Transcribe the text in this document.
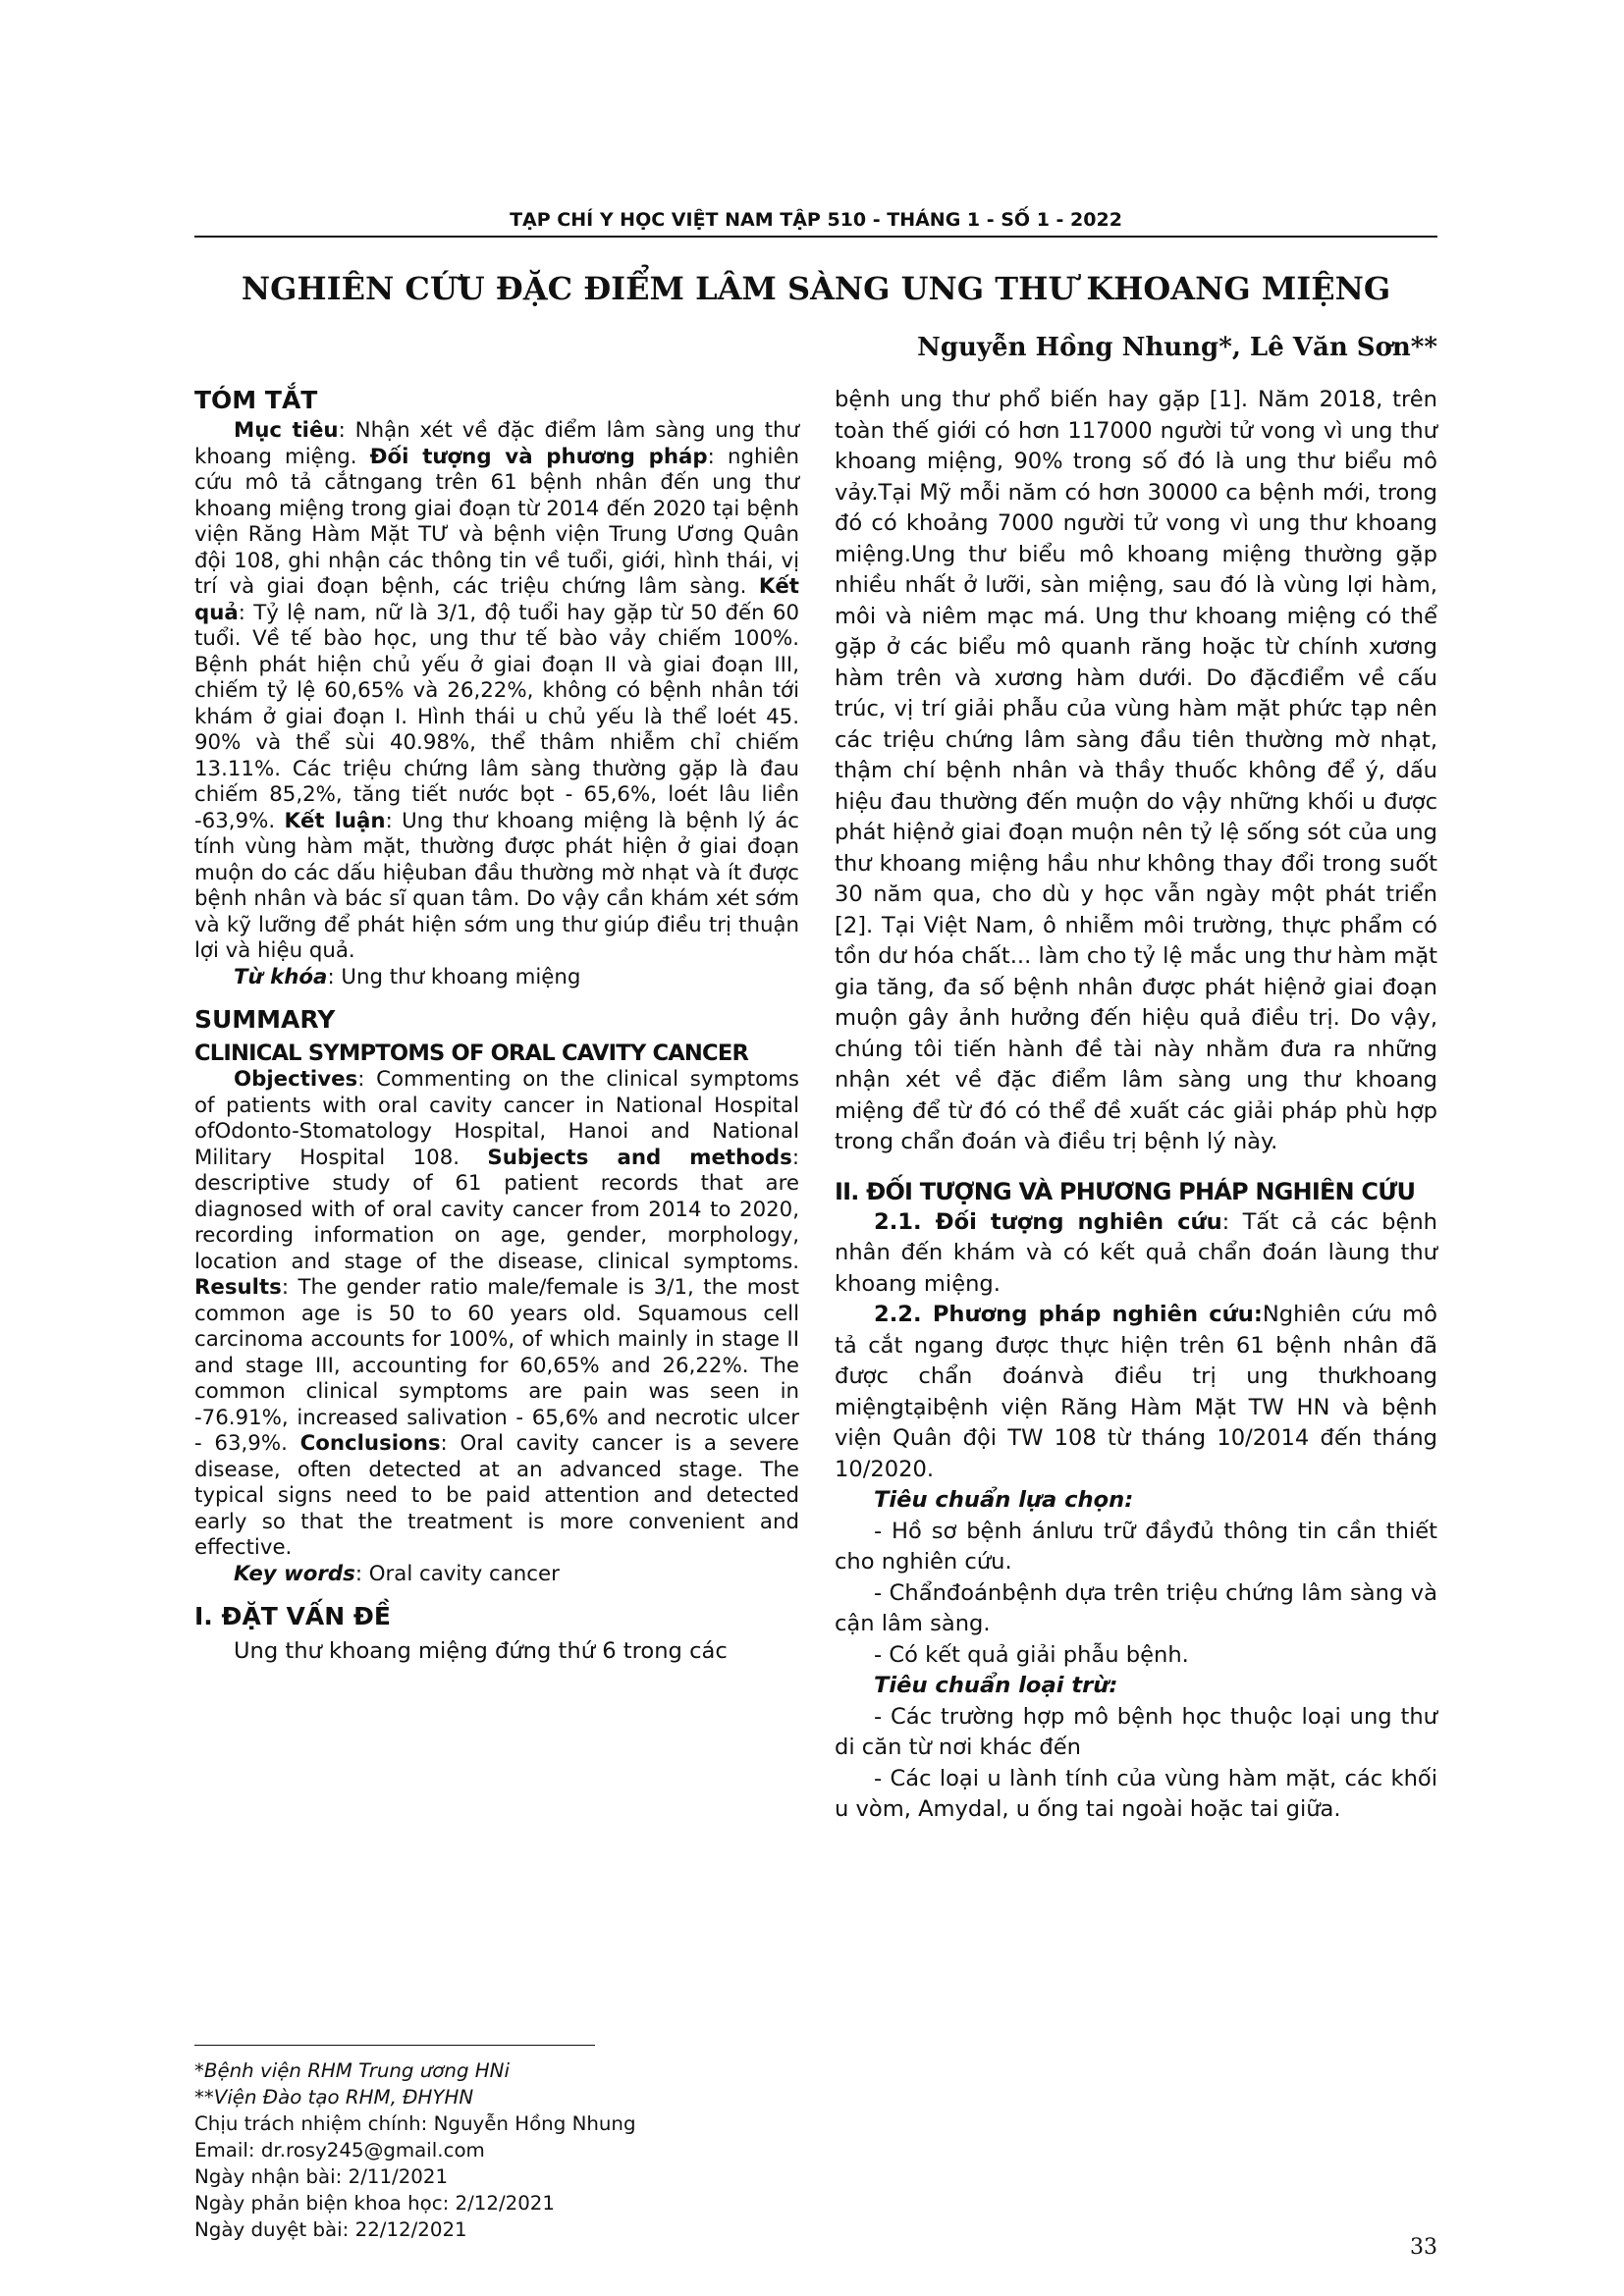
TẠP CHÍ Y HỌC VIỆT NAM TẬP 510 - THÁNG 1 - SỐ 1 - 2022
NGHIÊN CỨU ĐẶC ĐIỂM LÂM SÀNG UNG THƯ KHOANG MIỆNG
Nguyễn Hồng Nhung*, Lê Văn Sơn**
TÓM TẮT

Mục tiêu: Nhận xét về đặc điểm lâm sàng ung thư khoang miệng. Đối tượng và phương pháp: nghiên cứu mô tả cắtngang trên 61 bệnh nhân đến ung thư khoang miệng trong giai đoạn từ 2014 đến 2020 tại bệnh viện Răng Hàm Mặt TƯ và bệnh viện Trung Ương Quân đội 108, ghi nhận các thông tin về tuổi, giới, hình thái, vị trí và giai đoạn bệnh, các triệu chứng lâm sàng. Kết quả: Tỷ lệ nam, nữ là 3/1, độ tuổi hay gặp từ 50 đến 60 tuổi. Về tế bào học, ung thư tế bào vảy chiếm 100%. Bệnh phát hiện chủ yếu ở giai đoạn II và giai đoạn III, chiếm tỷ lệ 60,65% và 26,22%, không có bệnh nhân tới khám ở giai đoạn I. Hình thái u chủ yếu là thể loét 45. 90% và thể sùi 40.98%, thể thâm nhiễm chỉ chiếm 13.11%. Các triệu chứng lâm sàng thường gặp là đau chiếm 85,2%, tăng tiết nước bọt - 65,6%, loét lâu liền -63,9%. Kết luận: Ung thư khoang miệng là bệnh lý ác tính vùng hàm mặt, thường được phát hiện ở giai đoạn muộn do các dấu hiệuban đầu thường mờ nhạt và ít được bệnh nhân và bác sĩ quan tâm. Do vậy cần khám xét sớm và kỹ lưỡng để phát hiện sớm ung thư giúp điều trị thuận lợi và hiệu quả.

Từ khóa: Ung thư khoang miệng

SUMMARY
CLINICAL SYMPTOMS OF ORAL CAVITY CANCER

Objectives: Commenting on the clinical symptoms of patients with oral cavity cancer in National Hospital ofOdonto-Stomatology Hospital, Hanoi and National Military Hospital 108. Subjects and methods: descriptive study of 61 patient records that are diagnosed with of oral cavity cancer from 2014 to 2020, recording information on age, gender, morphology, location and stage of the disease, clinical symptoms. Results: The gender ratio male/female is 3/1, the most common age is 50 to 60 years old. Squamous cell carcinoma accounts for 100%, of which mainly in stage II and stage III, accounting for 60,65% and 26,22%. The common clinical symptoms are pain was seen in -76.91%, increased salivation - 65,6% and necrotic ulcer - 63,9%. Conclusions: Oral cavity cancer is a severe disease, often detected at an advanced stage. The typical signs need to be paid attention and detected early so that the treatment is more convenient and effective.

Key words: Oral cavity cancer

I. ĐẶT VẤN ĐỀ

Ung thư khoang miệng đứng thứ 6 trong các

bệnh ung thư phổ biến hay gặp [1]. Năm 2018, trên toàn thế giới có hơn 117000 người tử vong vì ung thư khoang miệng, 90% trong số đó là ung thư biểu mô vảy.Tại Mỹ mỗi năm có hơn 30000 ca bệnh mới, trong đó có khoảng 7000 người tử vong vì ung thư khoang miệng.Ung thư biểu mô khoang miệng thường gặp nhiều nhất ở lưỡi, sàn miệng, sau đó là vùng lợi hàm, môi và niêm mạc má. Ung thư khoang miệng có thể gặp ở các biểu mô quanh răng hoặc từ chính xương hàm trên và xương hàm dưới. Do đặcđiểm về cấu trúc, vị trí giải phẫu của vùng hàm mặt phức tạp nên các triệu chứng lâm sàng đầu tiên thường mờ nhạt, thậm chí bệnh nhân và thầy thuốc không để ý, dấu hiệu đau thường đến muộn do vậy những khối u được phát hiệnở giai đoạn muộn nên tỷ lệ sống sót của ung thư khoang miệng hầu như không thay đổi trong suốt 30 năm qua, cho dù y học vẫn ngày một phát triển [2]. Tại Việt Nam, ô nhiễm môi trường, thực phẩm có tồn dư hóa chất... làm cho tỷ lệ mắc ung thư hàm mặt gia tăng, đa số bệnh nhân được phát hiệnở giai đoạn muộn gây ảnh hưởng đến hiệu quả điều trị. Do vậy, chúng tôi tiến hành đề tài này nhằm đưa ra những nhận xét về đặc điểm lâm sàng ung thư khoang miệng để từ đó có thể đề xuất các giải pháp phù hợp trong chẩn đoán và điều trị bệnh lý này.

II. ĐỐI TƯỢNG VÀ PHƯƠNG PHÁP NGHIÊN CỨU

2.1. Đối tượng nghiên cứu: Tất cả các bệnh nhân đến khám và có kết quả chẩn đoán làung thư khoang miệng.

2.2. Phương pháp nghiên cứu:Nghiên cứu mô tả cắt ngang được thực hiện trên 61 bệnh nhân đã được chẩn đoánvà điều trị ung thưkhoang miệngtạibệnh viện Răng Hàm Mặt TW HN và bệnh viện Quân đội TW 108 từ tháng 10/2014 đến tháng 10/2020.

Tiêu chuẩn lựa chọn:

- Hồ sơ bệnh ánlưu trữ đầyđủ thông tin cần thiết cho nghiên cứu.

- Chẩnđoánbệnh dựa trên triệu chứng lâm sàng và cận lâm sàng.

- Có kết quả giải phẫu bệnh.

Tiêu chuẩn loại trừ:

- Các trường hợp mô bệnh học thuộc loại ung thư di căn từ nơi khác đến

- Các loại u lành tính của vùng hàm mặt, các khối u vòm, Amydal, u ống tai ngoài hoặc tai giữa.

*Bệnh viện RHM Trung ương HNi
**Viện Đào tạo RHM, ĐHYHN
Chịu trách nhiệm chính: Nguyễn Hồng Nhung
Email: dr.rosy245@gmail.com
Ngày nhận bài: 2/11/2021
Ngày phản biện khoa học: 2/12/2021
Ngày duyệt bài: 22/12/2021
33
